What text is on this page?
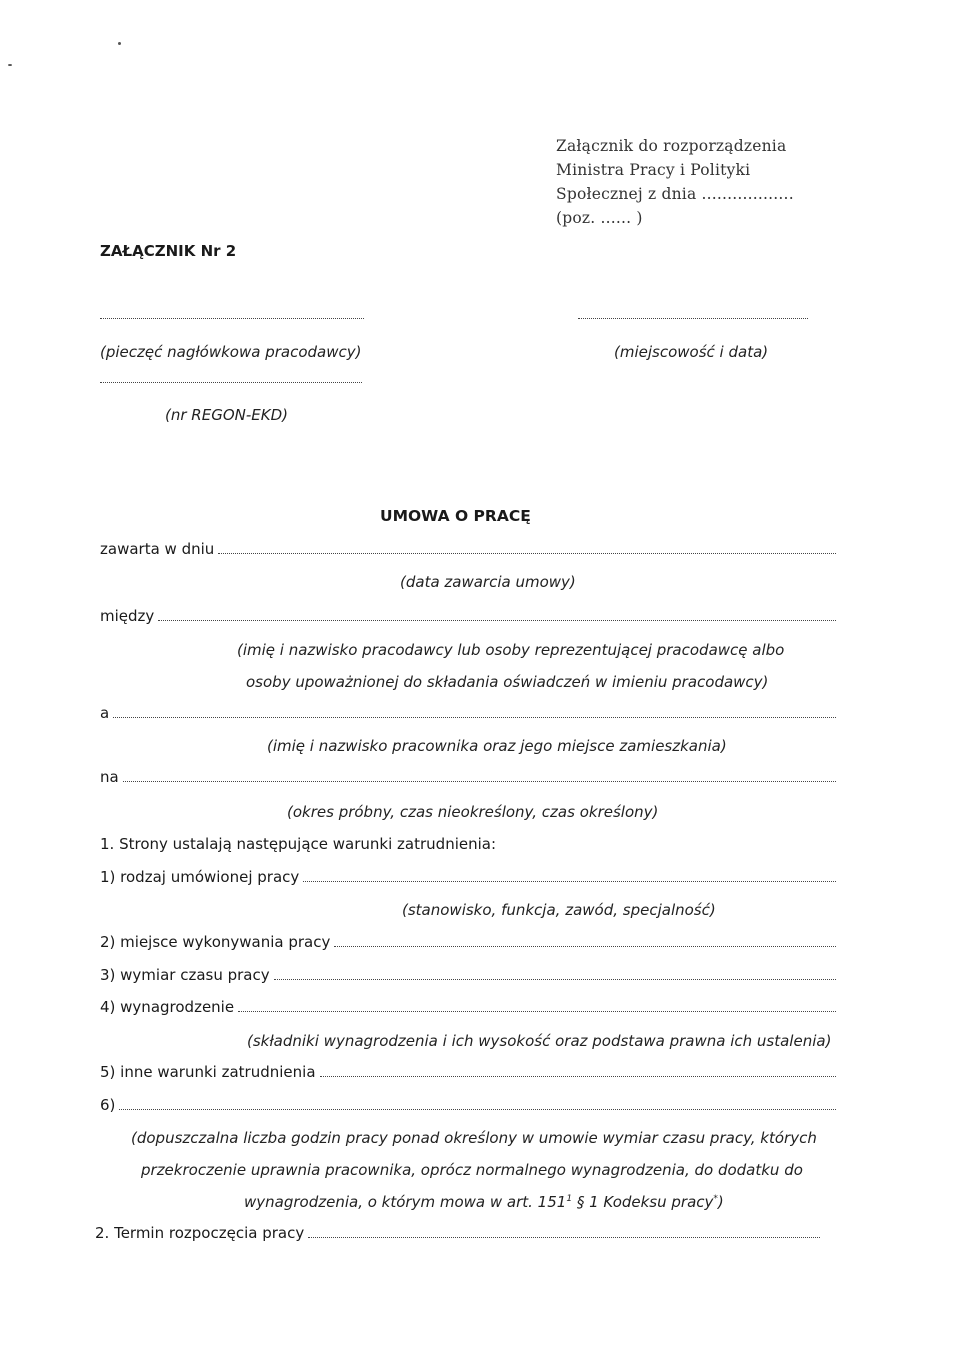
Załącznik do rozporządzenia
Ministra Pracy i Polityki
Społecznej z dnia ..................
(poz. ...... )
ZAŁĄCZNIK Nr 2
(pieczęć nagłówkowa pracodawcy)	(miejscowość i data)
(nr REGON-EKD)
UMOWA O PRACĘ
zawarta w dniu
(data zawarcia umowy)
między
(imię i nazwisko pracodawcy lub osoby reprezentującej pracodawcę albo
osoby upoważnionej do składania oświadczeń w imieniu pracodawcy)
a
(imię i nazwisko pracownika oraz jego miejsce zamieszkania)
na
(okres próbny, czas nieokreślony, czas określony)
1. Strony ustalają następujące warunki zatrudnienia:
1) rodzaj umówionej pracy
(stanowisko, funkcja, zawód, specjalność)
2) miejsce wykonywania pracy
3) wymiar czasu pracy
4) wynagrodzenie
(składniki wynagrodzenia i ich wysokość oraz podstawa prawna ich ustalenia)
5) inne warunki zatrudnienia
6)
(dopuszczalna liczba godzin pracy ponad określony w umowie wymiar czasu pracy, których
przekroczenie uprawnia pracownika, oprócz normalnego wynagrodzenia, do dodatku do
wynagrodzenia, o którym mowa w art. $151^1$ § 1 Kodeksu pracy*)
2. Termin rozpoczęcia pracy
